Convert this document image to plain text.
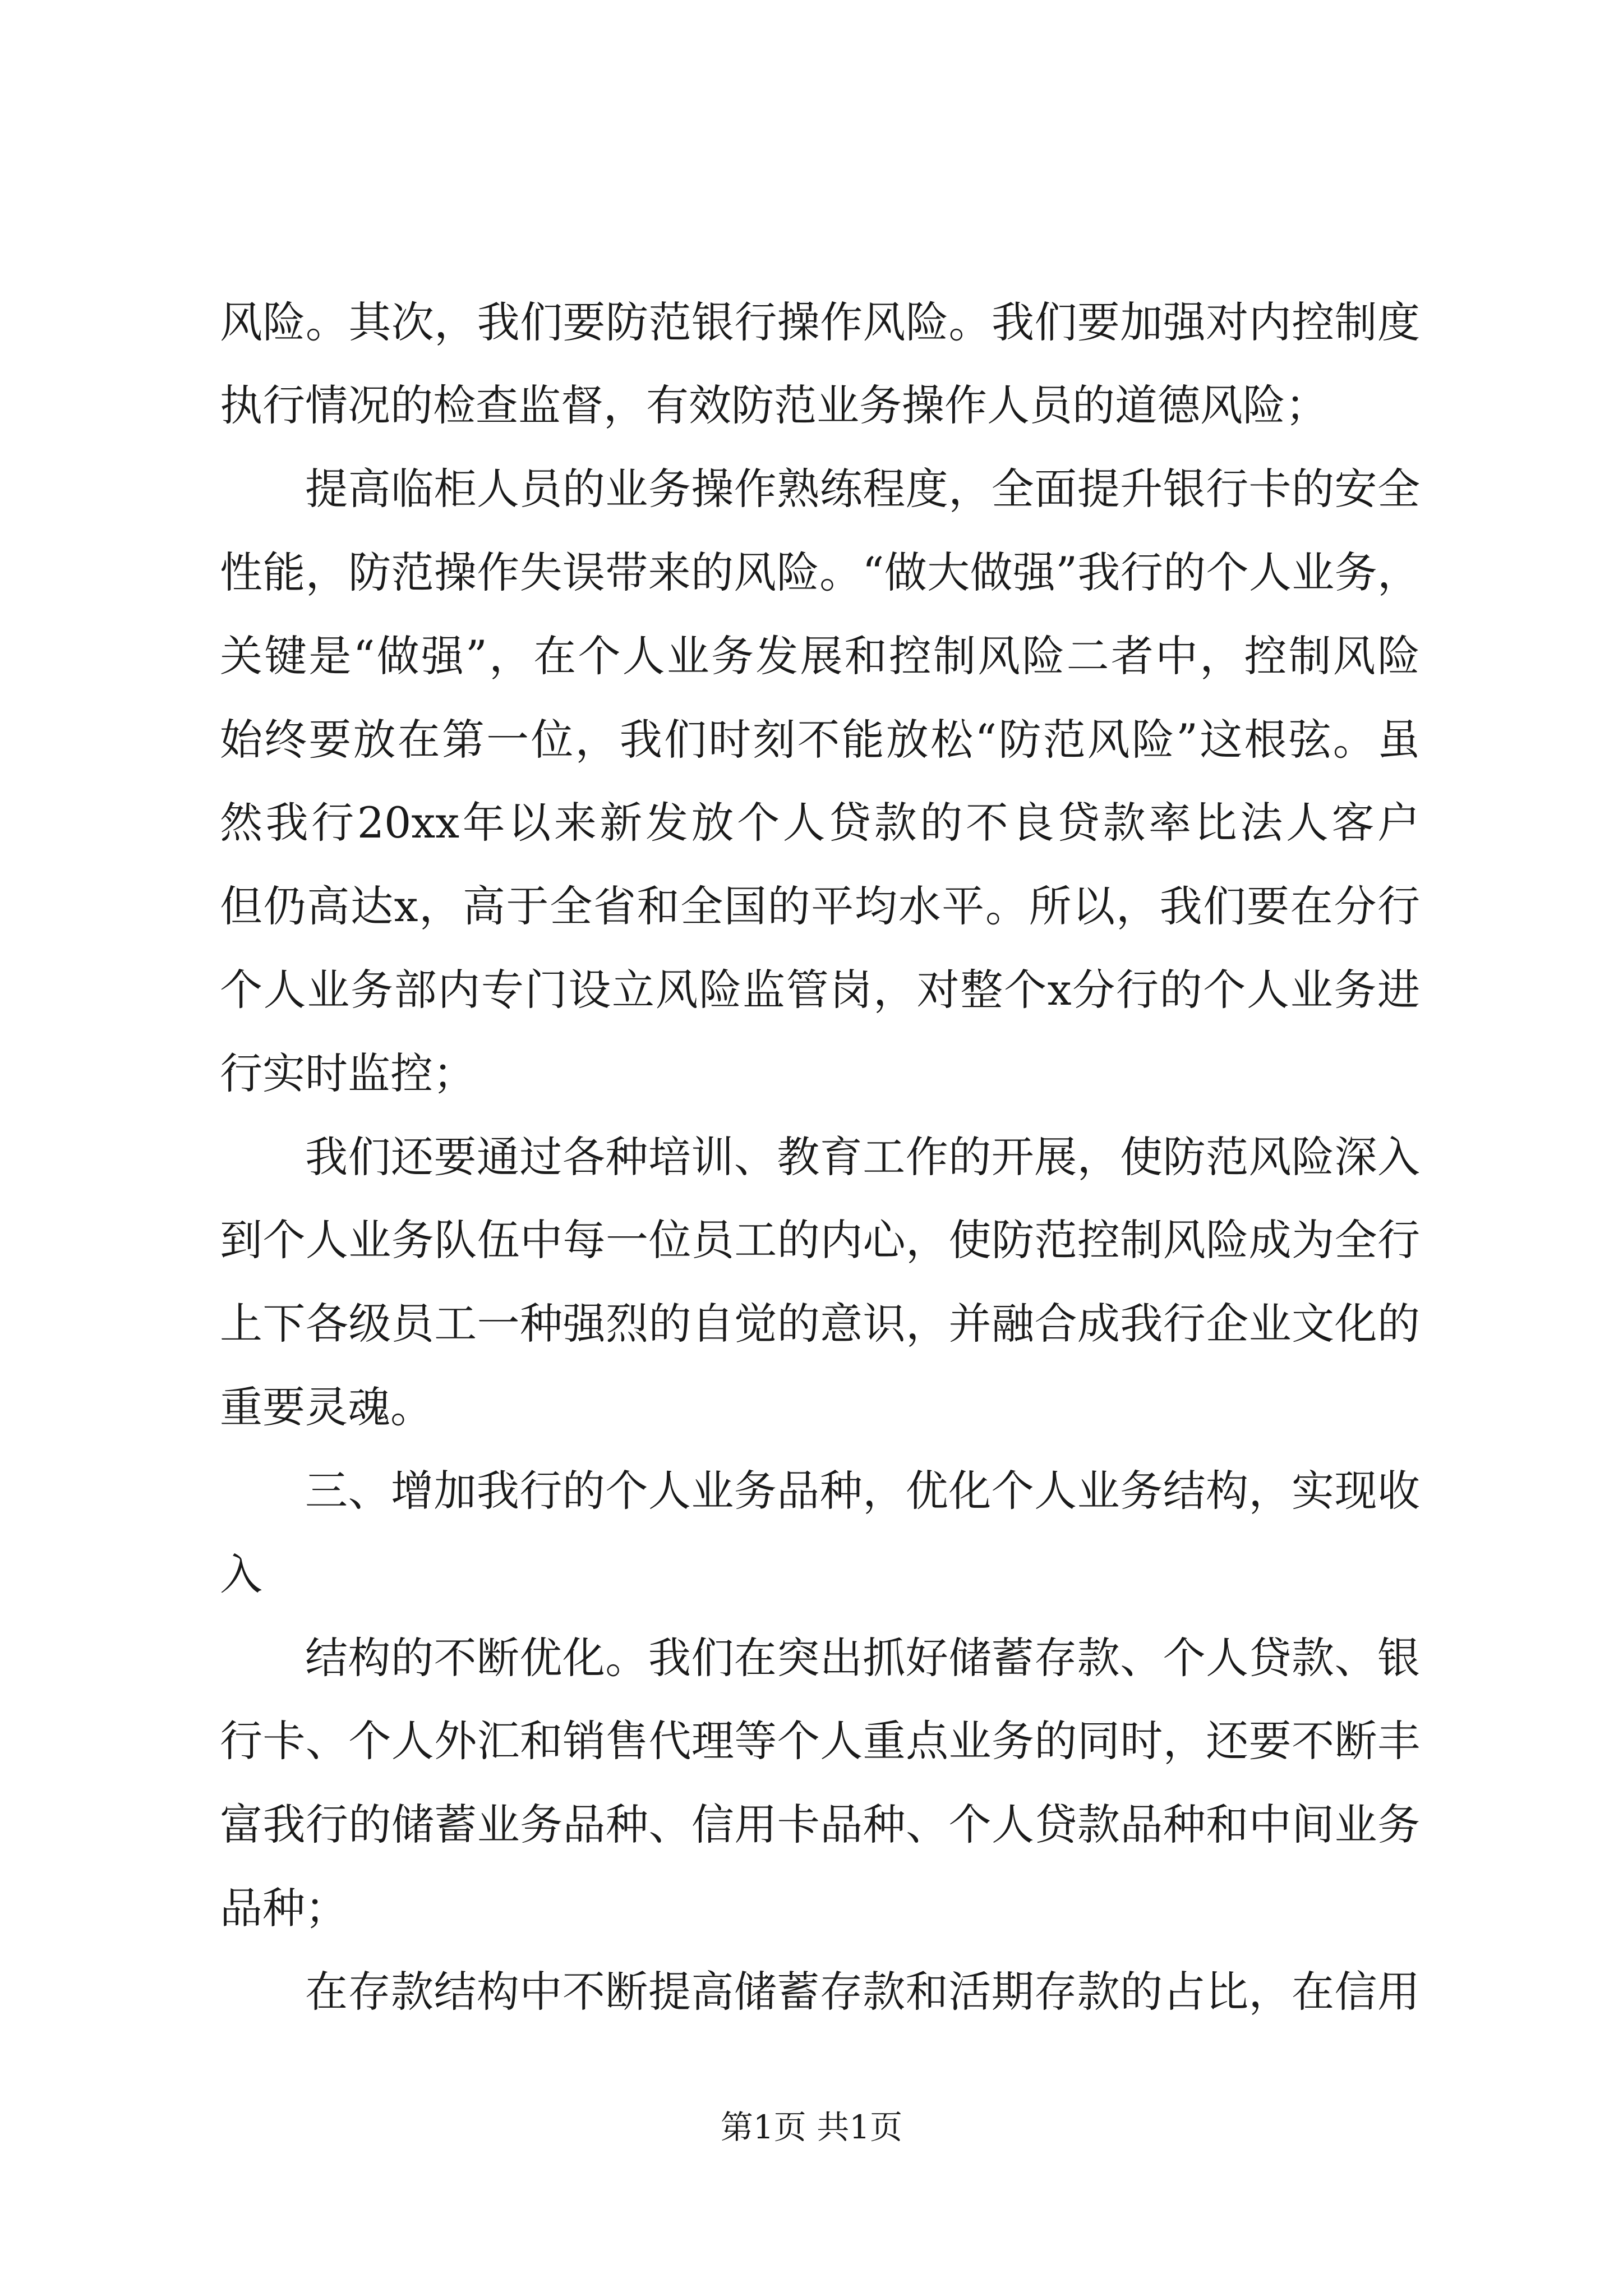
风险。其次，我们要防范银行操作风险。我们要加强对内控制度
执行情况的检查监督，有效防范业务操作人员的道德风险；
提高临柜人员的业务操作熟练程度，全面提升银行卡的安全
性能，防范操作失误带来的风险。“做大做强”我行的个人业务，
关键是“做强”，在个人业务发展和控制风险二者中，控制风险
始终要放在第一位，我们时刻不能放松“防范风险”这根弦。虽
然我行20xx年以来新发放个人贷款的不良贷款率比法人客户
但仍高达x，高于全省和全国的平均水平。所以，我们要在分行
个人业务部内专门设立风险监管岗，对整个x分行的个人业务进
行实时监控；
我们还要通过各种培训、教育工作的开展，使防范风险深入
到个人业务队伍中每一位员工的内心，使防范控制风险成为全行
上下各级员工一种强烈的自觉的意识，并融合成我行企业文化的
重要灵魂。
三、增加我行的个人业务品种，优化个人业务结构，实现收
入
结构的不断优化。我们在突出抓好储蓄存款、个人贷款、银
行卡、个人外汇和销售代理等个人重点业务的同时，还要不断丰
富我行的储蓄业务品种、信用卡品种、个人贷款品种和中间业务
品种；
在存款结构中不断提高储蓄存款和活期存款的占比，在信用
第1页 共1页
